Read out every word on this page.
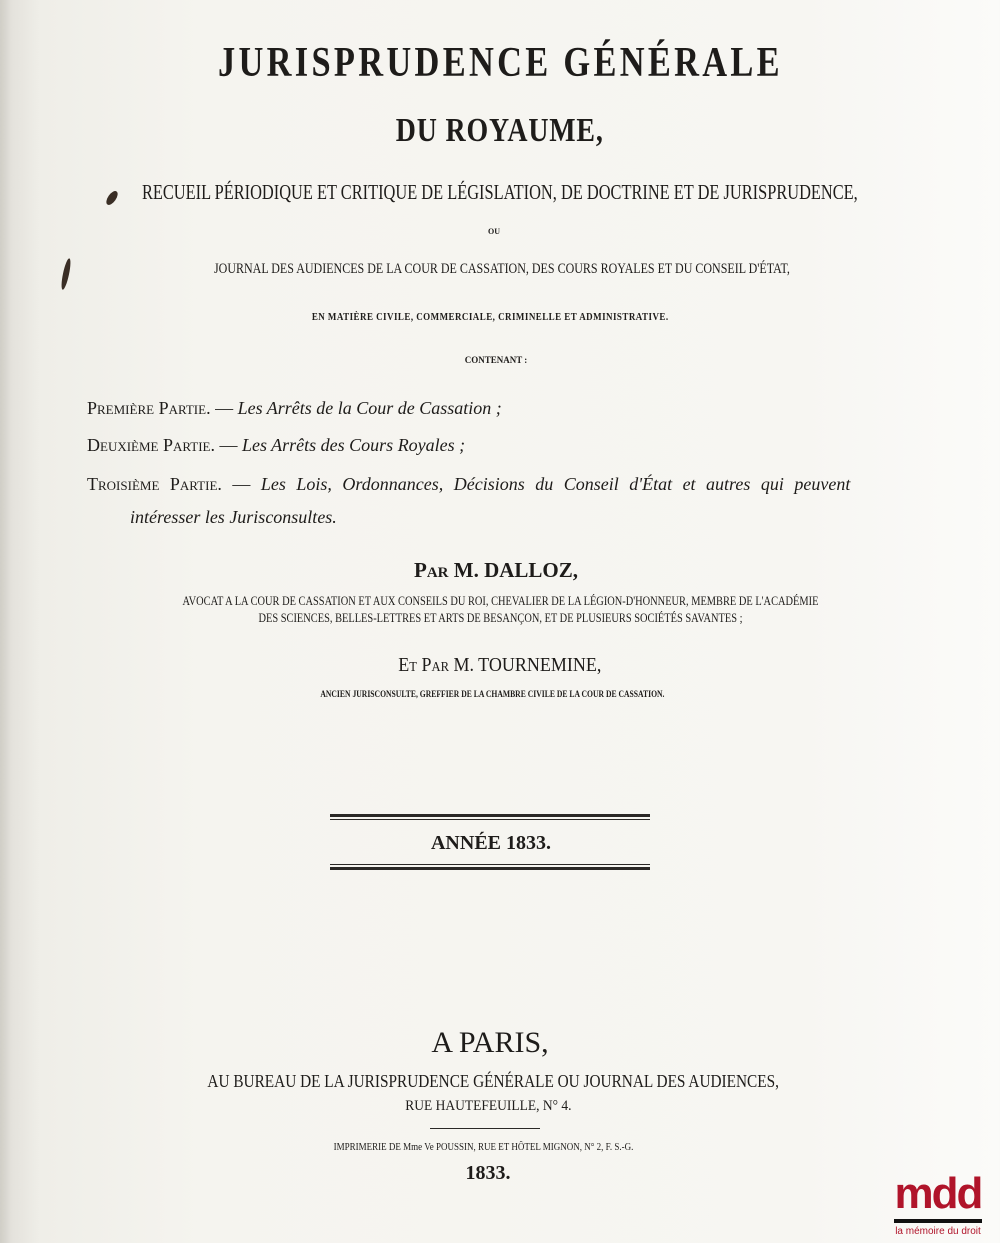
JURISPRUDENCE GÉNÉRALE
DU ROYAUME,
RECUEIL PÉRIODIQUE ET CRITIQUE DE LÉGISLATION, DE DOCTRINE ET DE JURISPRUDENCE,
OU
JOURNAL DES AUDIENCES DE LA COUR DE CASSATION, DES COURS ROYALES ET DU CONSEIL D'ÉTAT,
EN MATIÈRE CIVILE, COMMERCIALE, CRIMINELLE ET ADMINISTRATIVE.
CONTENANT :
Première Partie. — Les Arrêts de la Cour de Cassation ;
Deuxième Partie. — Les Arrêts des Cours Royales ;
Troisième Partie. — Les Lois, Ordonnances, Décisions du Conseil d'État et autres qui peuvent
intéresser les Jurisconsultes.
Par M. DALLOZ,
AVOCAT A LA COUR DE CASSATION ET AUX CONSEILS DU ROI, CHEVALIER DE LA LÉGION-D'HONNEUR, MEMBRE DE L'ACADÉMIE
DES SCIENCES, BELLES-LETTRES ET ARTS DE BESANÇON, ET DE PLUSIEURS SOCIÉTÉS SAVANTES ;
Et Par M. TOURNEMINE,
ANCIEN JURISCONSULTE, GREFFIER DE LA CHAMBRE CIVILE DE LA COUR DE CASSATION.
ANNÉE 1833.
A PARIS,
AU BUREAU DE LA JURISPRUDENCE GÉNÉRALE OU JOURNAL DES AUDIENCES,
RUE HAUTEFEUILLE, N° 4.
IMPRIMERIE DE Mme Ve POUSSIN, RUE ET HÔTEL MIGNON, N° 2, F. S.-G.
1833.	mdd
la mémoire du droit
